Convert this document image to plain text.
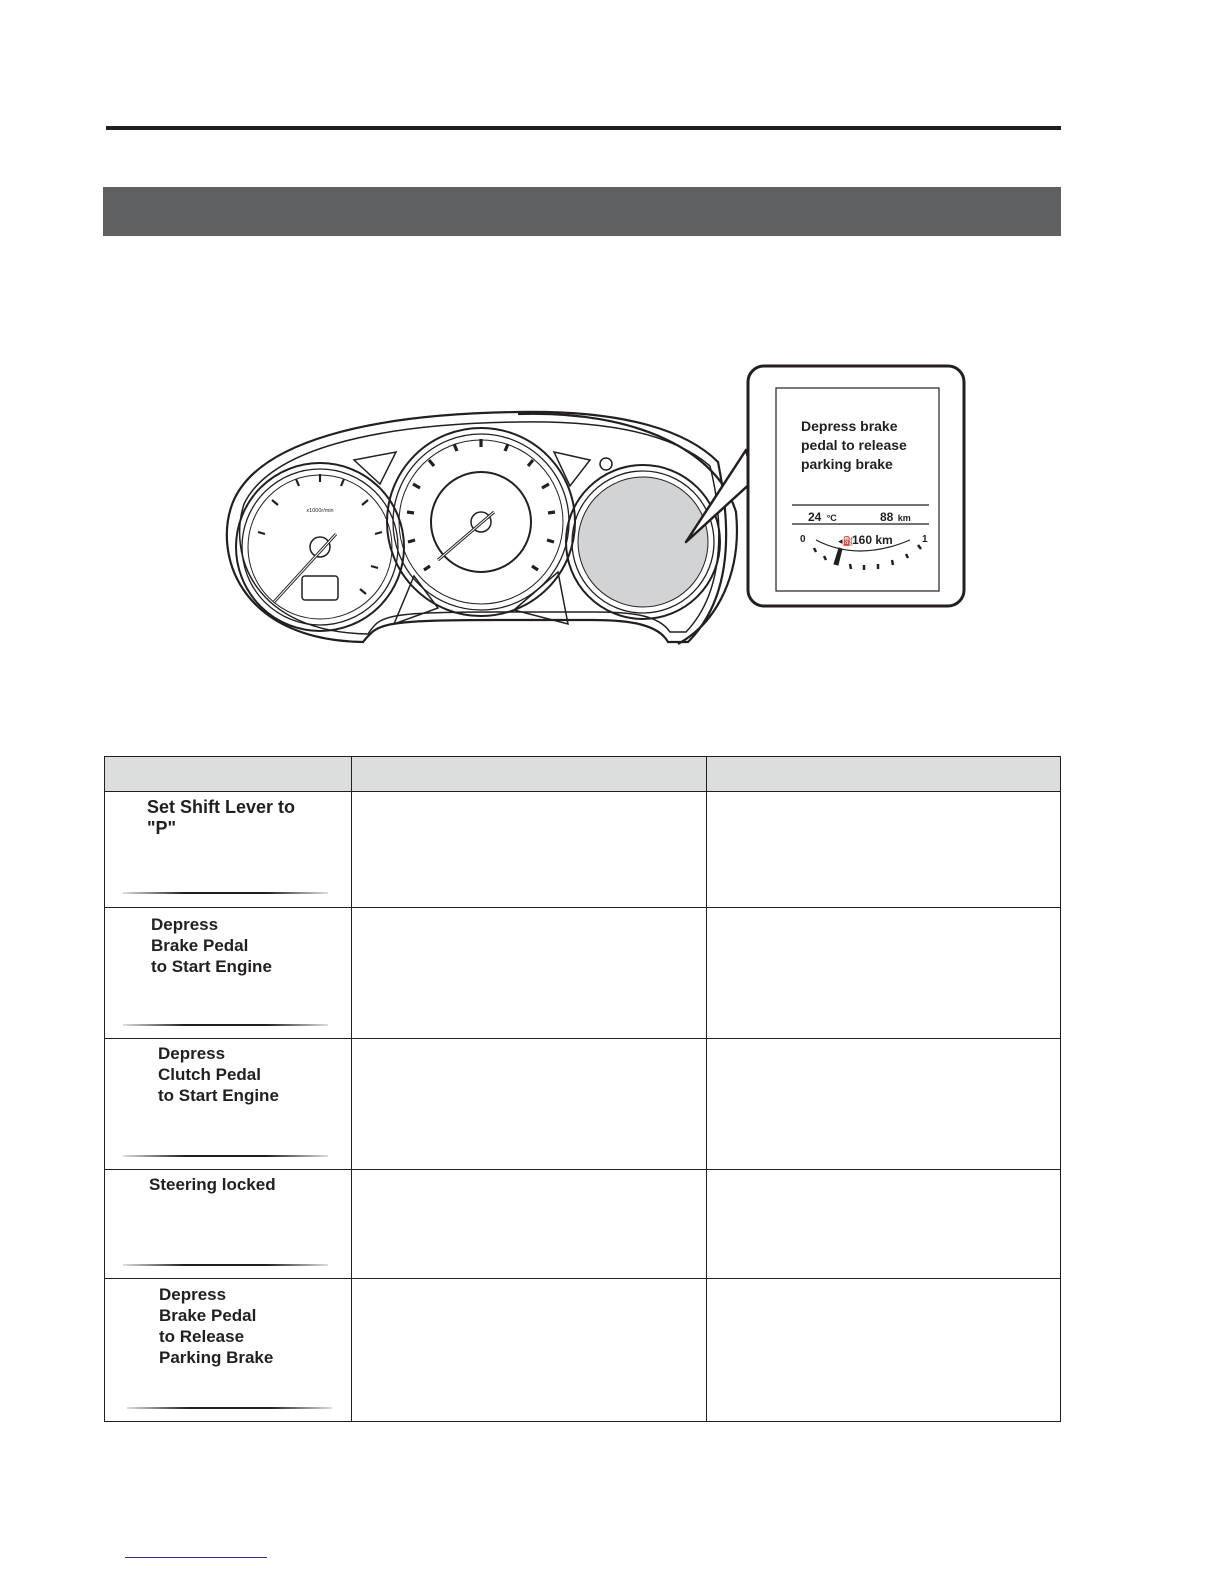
x1000r/min
Depress brake pedal to release parking brake
24 °C	88 km
0	1
◂⛽
160 km

Set Shift Lever to
"P"		

Depress
Brake Pedal
to Start Engine		

Depress
Clutch Pedal
to Start Engine		

Steering locked		

Depress
Brake Pedal
to Release
Parking Brake		
